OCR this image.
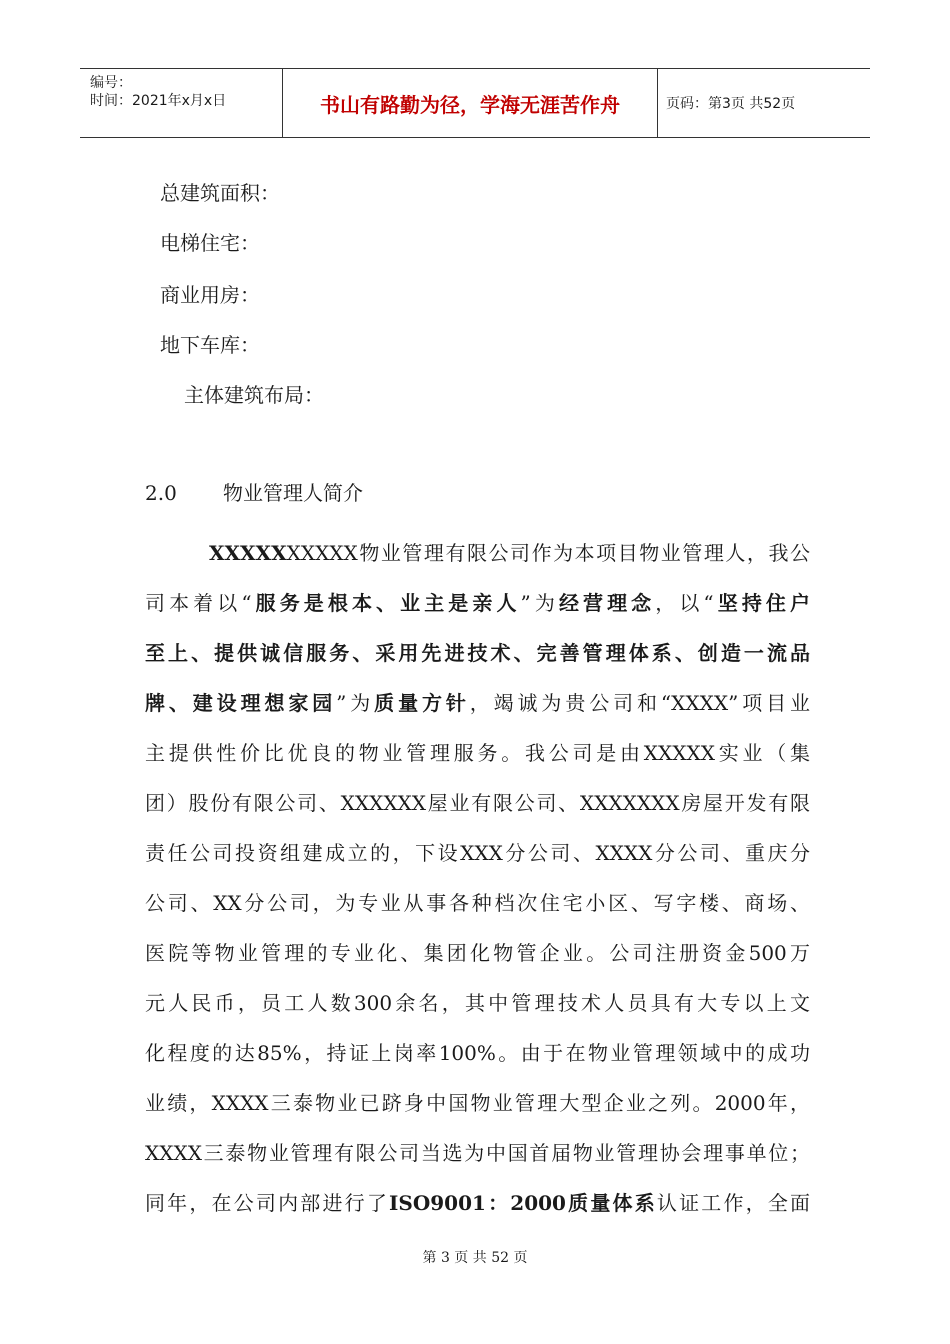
编号：
时间：2021年x月x日	书山有路勤为径，学海无涯苦作舟	页码：第3页 共52页
总建筑面积：
电梯住宅：
商业用房：
地下车库：
主体建筑布局：
2.0 物业管理人简介
XXXXXXXXXX物业管理有限公司作为本项目物业管理人，我公
司本着以“服务是根本、业主是亲人”为经营理念，以“坚持住户
至上、提供诚信服务、采用先进技术、完善管理体系、创造一流品
牌、建设理想家园”为质量方针，竭诚为贵公司和“XXXX”项目业
主提供性价比优良的物业管理服务。我公司是由XXXXX实业（集
团）股份有限公司、XXXXXX屋业有限公司、XXXXXXX房屋开发有限
责任公司投资组建成立的，下设XXX分公司、XXXX分公司、重庆分
公司、XX分公司，为专业从事各种档次住宅小区、写字楼、商场、
医院等物业管理的专业化、集团化物管企业。公司注册资金500万
元人民币，员工人数300余名，其中管理技术人员具有大专以上文
化程度的达85%，持证上岗率100%。由于在物业管理领域中的成功
业绩，XXXX三泰物业已跻身中国物业管理大型企业之列。2000年，
XXXX三泰物业管理有限公司当选为中国首届物业管理协会理事单位；
同年，在公司内部进行了ISO9001：2000质量体系认证工作，全面
第 3 页 共 52 页
